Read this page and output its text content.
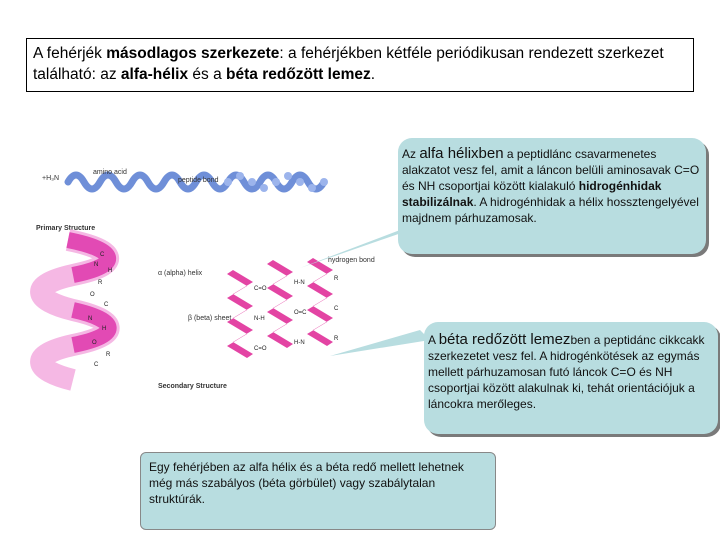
A fehérjék másodlagos szerkezete: a fehérjékben kétféle periódikusan rendezett szerkezet található: az alfa-hélix és a béta redőzött lemez.
+H₃N
amino acid
peptide bond
Primary Structure
C
N
H
R
O
C
N
H
O
R
C
α (alpha) helix
β (beta) sheet
C=O
N-H
C=O
H-N
O=C
H-N
R
C
R
hydrogen bond
Secondary Structure
Az alfa hélixben a peptidlánc csavarmenetes alakzatot vesz fel, amit a láncon belüli aminosavak C=O és NH csoportjai között kialakuló hidrogénhidak stabilizálnak. A hidrogénhidak a hélix hossztengelyével majdnem párhuzamosak.
A béta redőzött lemezben a peptidánc cikkcakk szerkezetet vesz fel. A hidrogénkötések az egymás mellett párhuzamosan futó láncok C=O és NH csoportjai között alakulnak ki, tehát orientációjuk a láncokra merőleges.
Egy fehérjében az alfa hélix és a béta redő mellett lehetnek még más szabályos (béta görbület) vagy szabálytalan struktúrák.
